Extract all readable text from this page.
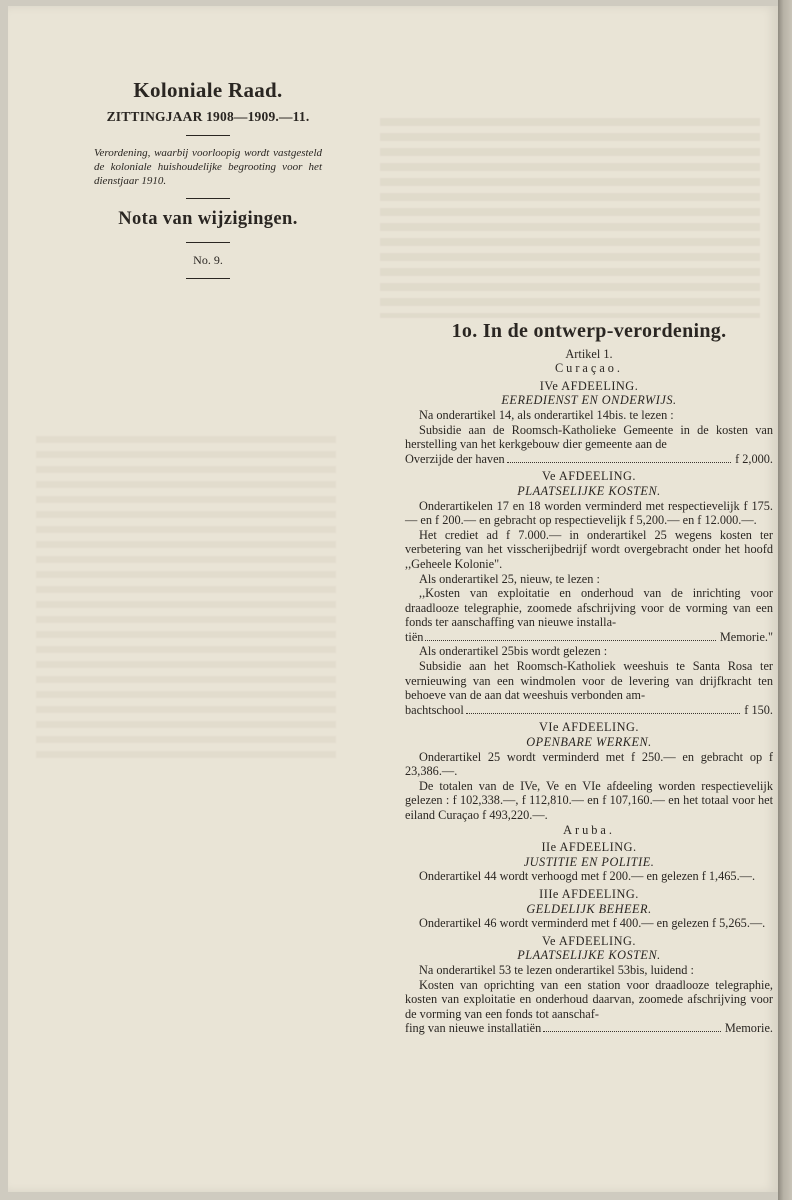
Koloniale Raad.
ZITTINGJAAR 1908—1909.—11.
Verordening, waarbij voorloopig wordt vastgesteld de koloniale huishoudelijke begrooting voor het dienstjaar 1910.
Nota van wijzigingen.
No. 9.
1o. In de ontwerp-verordening.
Artikel 1.
Curaçao.
IVe AFDEELING.
EEREDIENST EN ONDERWIJS.
Na onderartikel 14, als onderartikel 14bis. te lezen :
Subsidie aan de Roomsch-Katholieke Gemeente in de kosten van herstelling van het kerkgebouw dier gemeente aan de
Overzijde der haven	f 2,000.
Ve AFDEELING.
PLAATSELIJKE KOSTEN.
Onderartikelen 17 en 18 worden verminderd met respectievelijk f 175.— en f 200.— en gebracht op respectievelijk f 5,200.— en f 12.000.—.
Het crediet ad f 7.000.— in onderartikel 25 wegens kosten ter verbetering van het visscherijbedrijf wordt overgebracht onder het hoofd ,,Geheele Kolonie".
Als onderartikel 25, nieuw, te lezen :
,,Kosten van exploitatie en onderhoud van de inrichting voor draadlooze telegraphie, zoomede afschrijving voor de vorming van een fonds ter aanschaffing van nieuwe installa-
tiën	Memorie."
Als onderartikel 25bis wordt gelezen :
Subsidie aan het Roomsch-Katholiek weeshuis te Santa Rosa ter vernieuwing van een windmolen voor de levering van drijfkracht ten behoeve van de aan dat weeshuis verbonden am-
bachtschool	f 150.
VIe AFDEELING.
OPENBARE WERKEN.
Onderartikel 25 wordt verminderd met f 250.— en gebracht op f 23,386.—.
De totalen van de IVe, Ve en VIe afdeeling worden respectievelijk gelezen : f 102,338.—, f 112,810.— en f 107,160.— en het totaal voor het eiland Curaçao f 493,220.—.
Aruba.
IIe AFDEELING.
JUSTITIE EN POLITIE.
Onderartikel 44 wordt verhoogd met f 200.— en gelezen f 1,465.—.
IIIe AFDEELING.
GELDELIJK BEHEER.
Onderartikel 46 wordt verminderd met f 400.— en gelezen f 5,265.—.
Ve AFDEELING.
PLAATSELIJKE KOSTEN.
Na onderartikel 53 te lezen onderartikel 53bis, luidend :
Kosten van oprichting van een station voor draadlooze telegraphie, kosten van exploitatie en onderhoud daarvan, zoomede afschrijving voor de vorming van een fonds tot aanschaf-
fing van nieuwe installatiën	Memorie.
